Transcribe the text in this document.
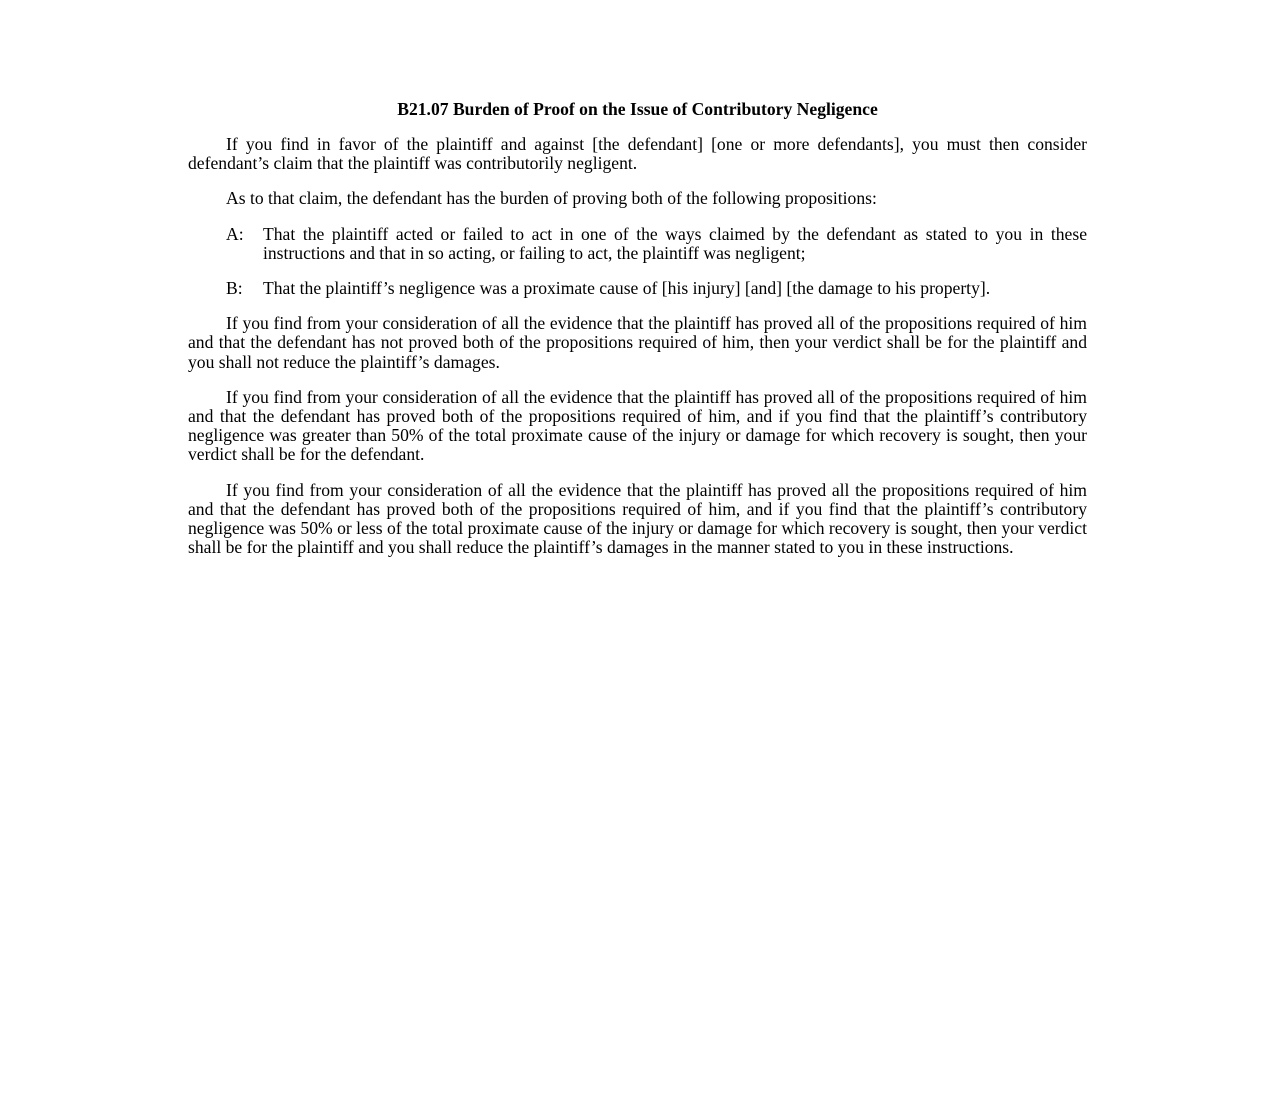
B21.07 Burden of Proof on the Issue of Contributory Negligence

If you find in favor of the plaintiff and against [the defendant] [one or more defendants], you must then consider defendant’s claim that the plaintiff was contributorily negligent.

As to that claim, the defendant has the burden of proving both of the following propositions:

A:	That the plaintiff acted or failed to act in one of the ways claimed by the defendant as stated to you in these instructions and that in so acting, or failing to act, the plaintiff was negligent;
B:	That the plaintiff’s negligence was a proximate cause of [his injury] [and] [the damage to his property].

If you find from your consideration of all the evidence that the plaintiff has proved all of the propositions required of him and that the defendant has not proved both of the propositions required of him, then your verdict shall be for the plaintiff and you shall not reduce the plaintiff’s damages.

If you find from your consideration of all the evidence that the plaintiff has proved all of the propositions required of him and that the defendant has proved both of the propositions required of him, and if you find that the plaintiff’s contributory negligence was greater than 50% of the total proximate cause of the injury or damage for which recovery is sought, then your verdict shall be for the defendant.

If you find from your consideration of all the evidence that the plaintiff has proved all the propositions required of him and that the defendant has proved both of the propositions required of him, and if you find that the plaintiff’s contributory negligence was 50% or less of the total proximate cause of the injury or damage for which recovery is sought, then your verdict shall be for the plaintiff and you shall reduce the plaintiff’s damages in the manner stated to you in these instructions.
